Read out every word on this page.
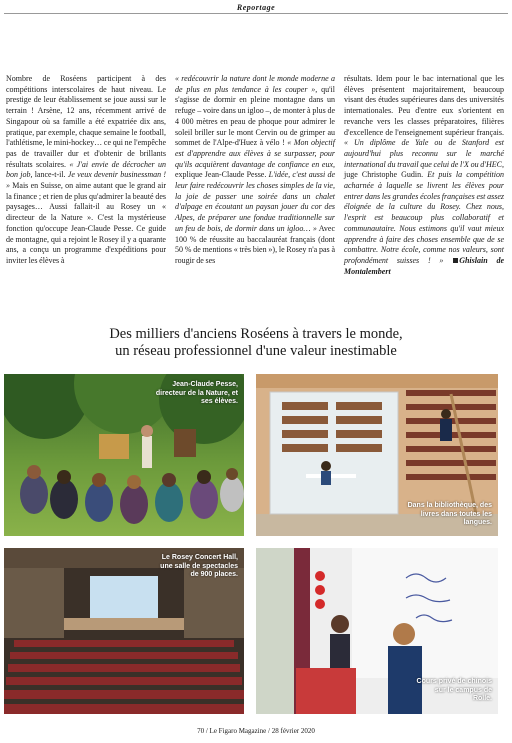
Reportage

Nombre de Roséens participent à des compétitions interscolaires de haut niveau. Le prestige de leur établissement se joue aussi sur le terrain ! Arsène, 12 ans, récemment arrivé de Singapour où sa famille a été expatriée dix ans, pratique, par exemple, chaque semaine le football, l'athlétisme, le mini-hockey… ce qui ne l'empêche pas de travailler dur et d'obtenir de brillants résultats scolaires. « J'ai envie de décrocher un bon job, lance-t-il. Je veux devenir businessman ! » Mais en Suisse, on aime autant que le grand air la finance ; et rien de plus qu'admirer la beauté des paysages… Aussi fallait-il au Rosey un « directeur de la Nature ». C'est la mystérieuse fonction qu'occupe Jean-Claude Pesse. Ce guide de montagne, qui a rejoint le Rosey il y a quarante ans, a conçu un programme d'expéditions pour inviter les élèves à

« redécouvrir la nature dont le monde moderne a de plus en plus tendance à les couper », qu'il s'agisse de dormir en pleine montagne dans un refuge – voire dans un igloo –, de monter à plus de 4 000 mètres en peau de phoque pour admirer le soleil briller sur le mont Cervin ou de grimper au sommet de l'Alpe-d'Huez à vélo ! « Mon objectif est d'apprendre aux élèves à se surpasser, pour qu'ils acquièrent davantage de confiance en eux, explique Jean-Claude Pesse. L'idée, c'est aussi de leur faire redécouvrir les choses simples de la vie, la joie de passer une soirée dans un chalet d'alpage en écoutant un paysan jouer du cor des Alpes, de préparer une fondue traditionnelle sur un feu de bois, de dormir dans un igloo… » Avec 100 % de réussite au baccalauréat français (dont 50 % de mentions « très bien »), le Rosey n'a pas à rougir de ses

résultats. Idem pour le bac international que les élèves présentent majoritairement, beaucoup visant des études supérieures dans des universités internationales. Peu d'entre eux s'orientent en revanche vers les classes préparatoires, filières d'excellence de l'enseignement supérieur français. « Un diplôme de Yale ou de Stanford est aujourd'hui plus reconnu sur le marché international du travail que celui de l'X ou d'HEC, juge Christophe Gudin. Et puis la compétition acharnée à laquelle se livrent les élèves pour entrer dans les grandes écoles françaises est assez éloignée de la culture du Rosey. Chez nous, l'esprit est beaucoup plus collaboratif et communautaire. Nous estimons qu'il vaut mieux apprendre à faire des choses ensemble que de se combattre. Notre école, comme nos valeurs, sont profondément suisses ! » Ghislain de Montalembert

Des milliers d'anciens Roséens à travers le monde,
un réseau professionnel d'une valeur inestimable
Jean-Claude Pesse, directeur de la Nature, et ses élèves.
Dans la bibliothèque, des livres dans toutes les langues.
Le Rosey Concert Hall, une salle de spectacles de 900 places.
Cours privé de chinois sur le campus de Rolle.
70 / Le Figaro Magazine / 28 février 2020
